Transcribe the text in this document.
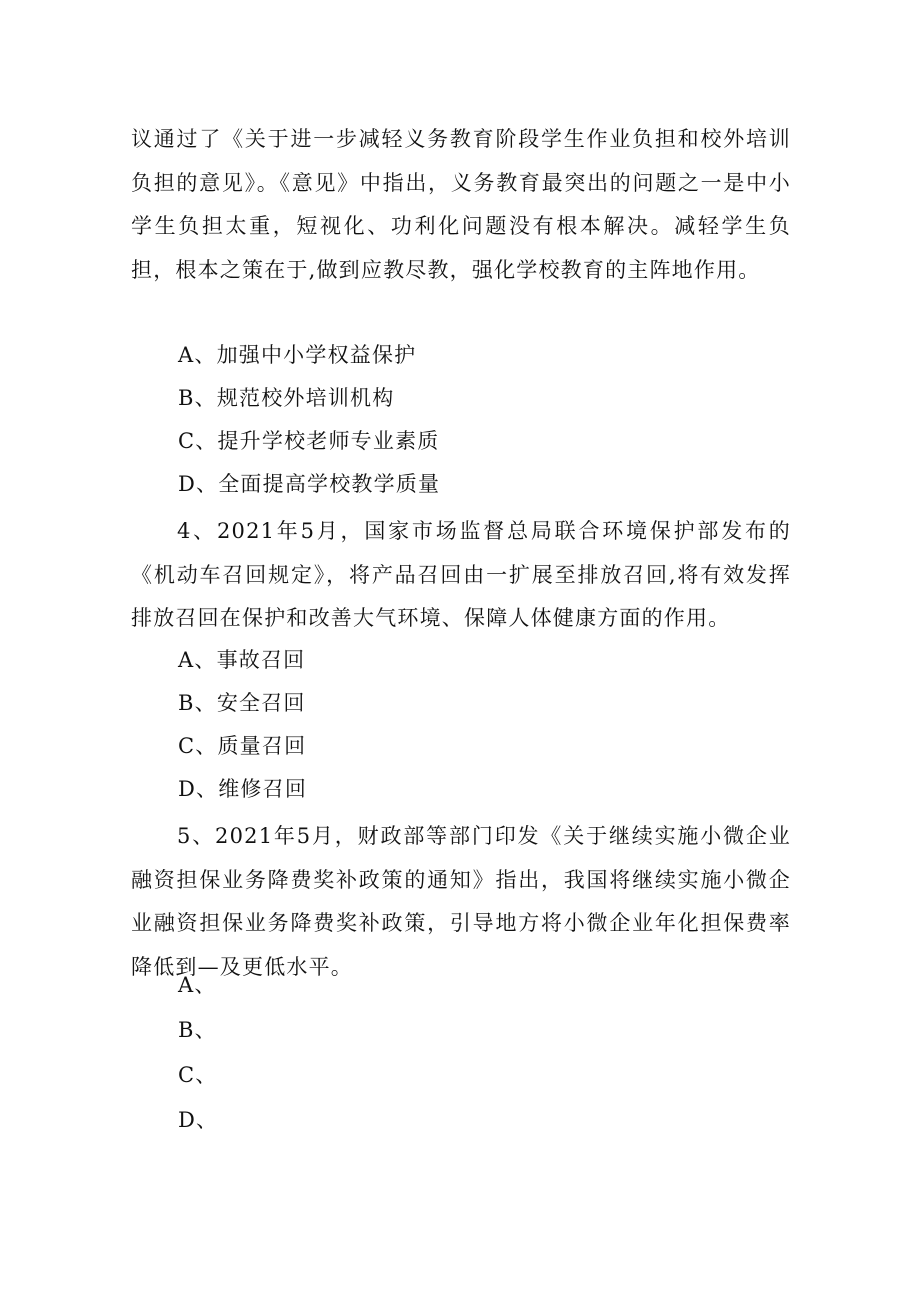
议通过了《关于进一步减轻义务教育阶段学生作业负担和校外培训负担的意见》。《意见》中指出，义务教育最突出的问题之一是中小学生负担太重，短视化、功利化问题没有根本解决。减轻学生负担，根本之策在于,做到应教尽教，强化学校教育的主阵地作用。

A、加强中小学权益保护

B、规范校外培训机构

C、提升学校老师专业素质

D、全面提高学校教学质量

4、2021年5月，国家市场监督总局联合环境保护部发布的《机动车召回规定》，将产品召回由一扩展至排放召回,将有效发挥排放召回在保护和改善大气环境、保障人体健康方面的作用。

A、事故召回

B、安全召回

C、质量召回

D、维修召回

5、2021年5月，财政部等部门印发《关于继续实施小微企业融资担保业务降费奖补政策的通知》指出，我国将继续实施小微企业融资担保业务降费奖补政策，引导地方将小微企业年化担保费率降低到—及更低水平。

A、

B、

C、

D、
